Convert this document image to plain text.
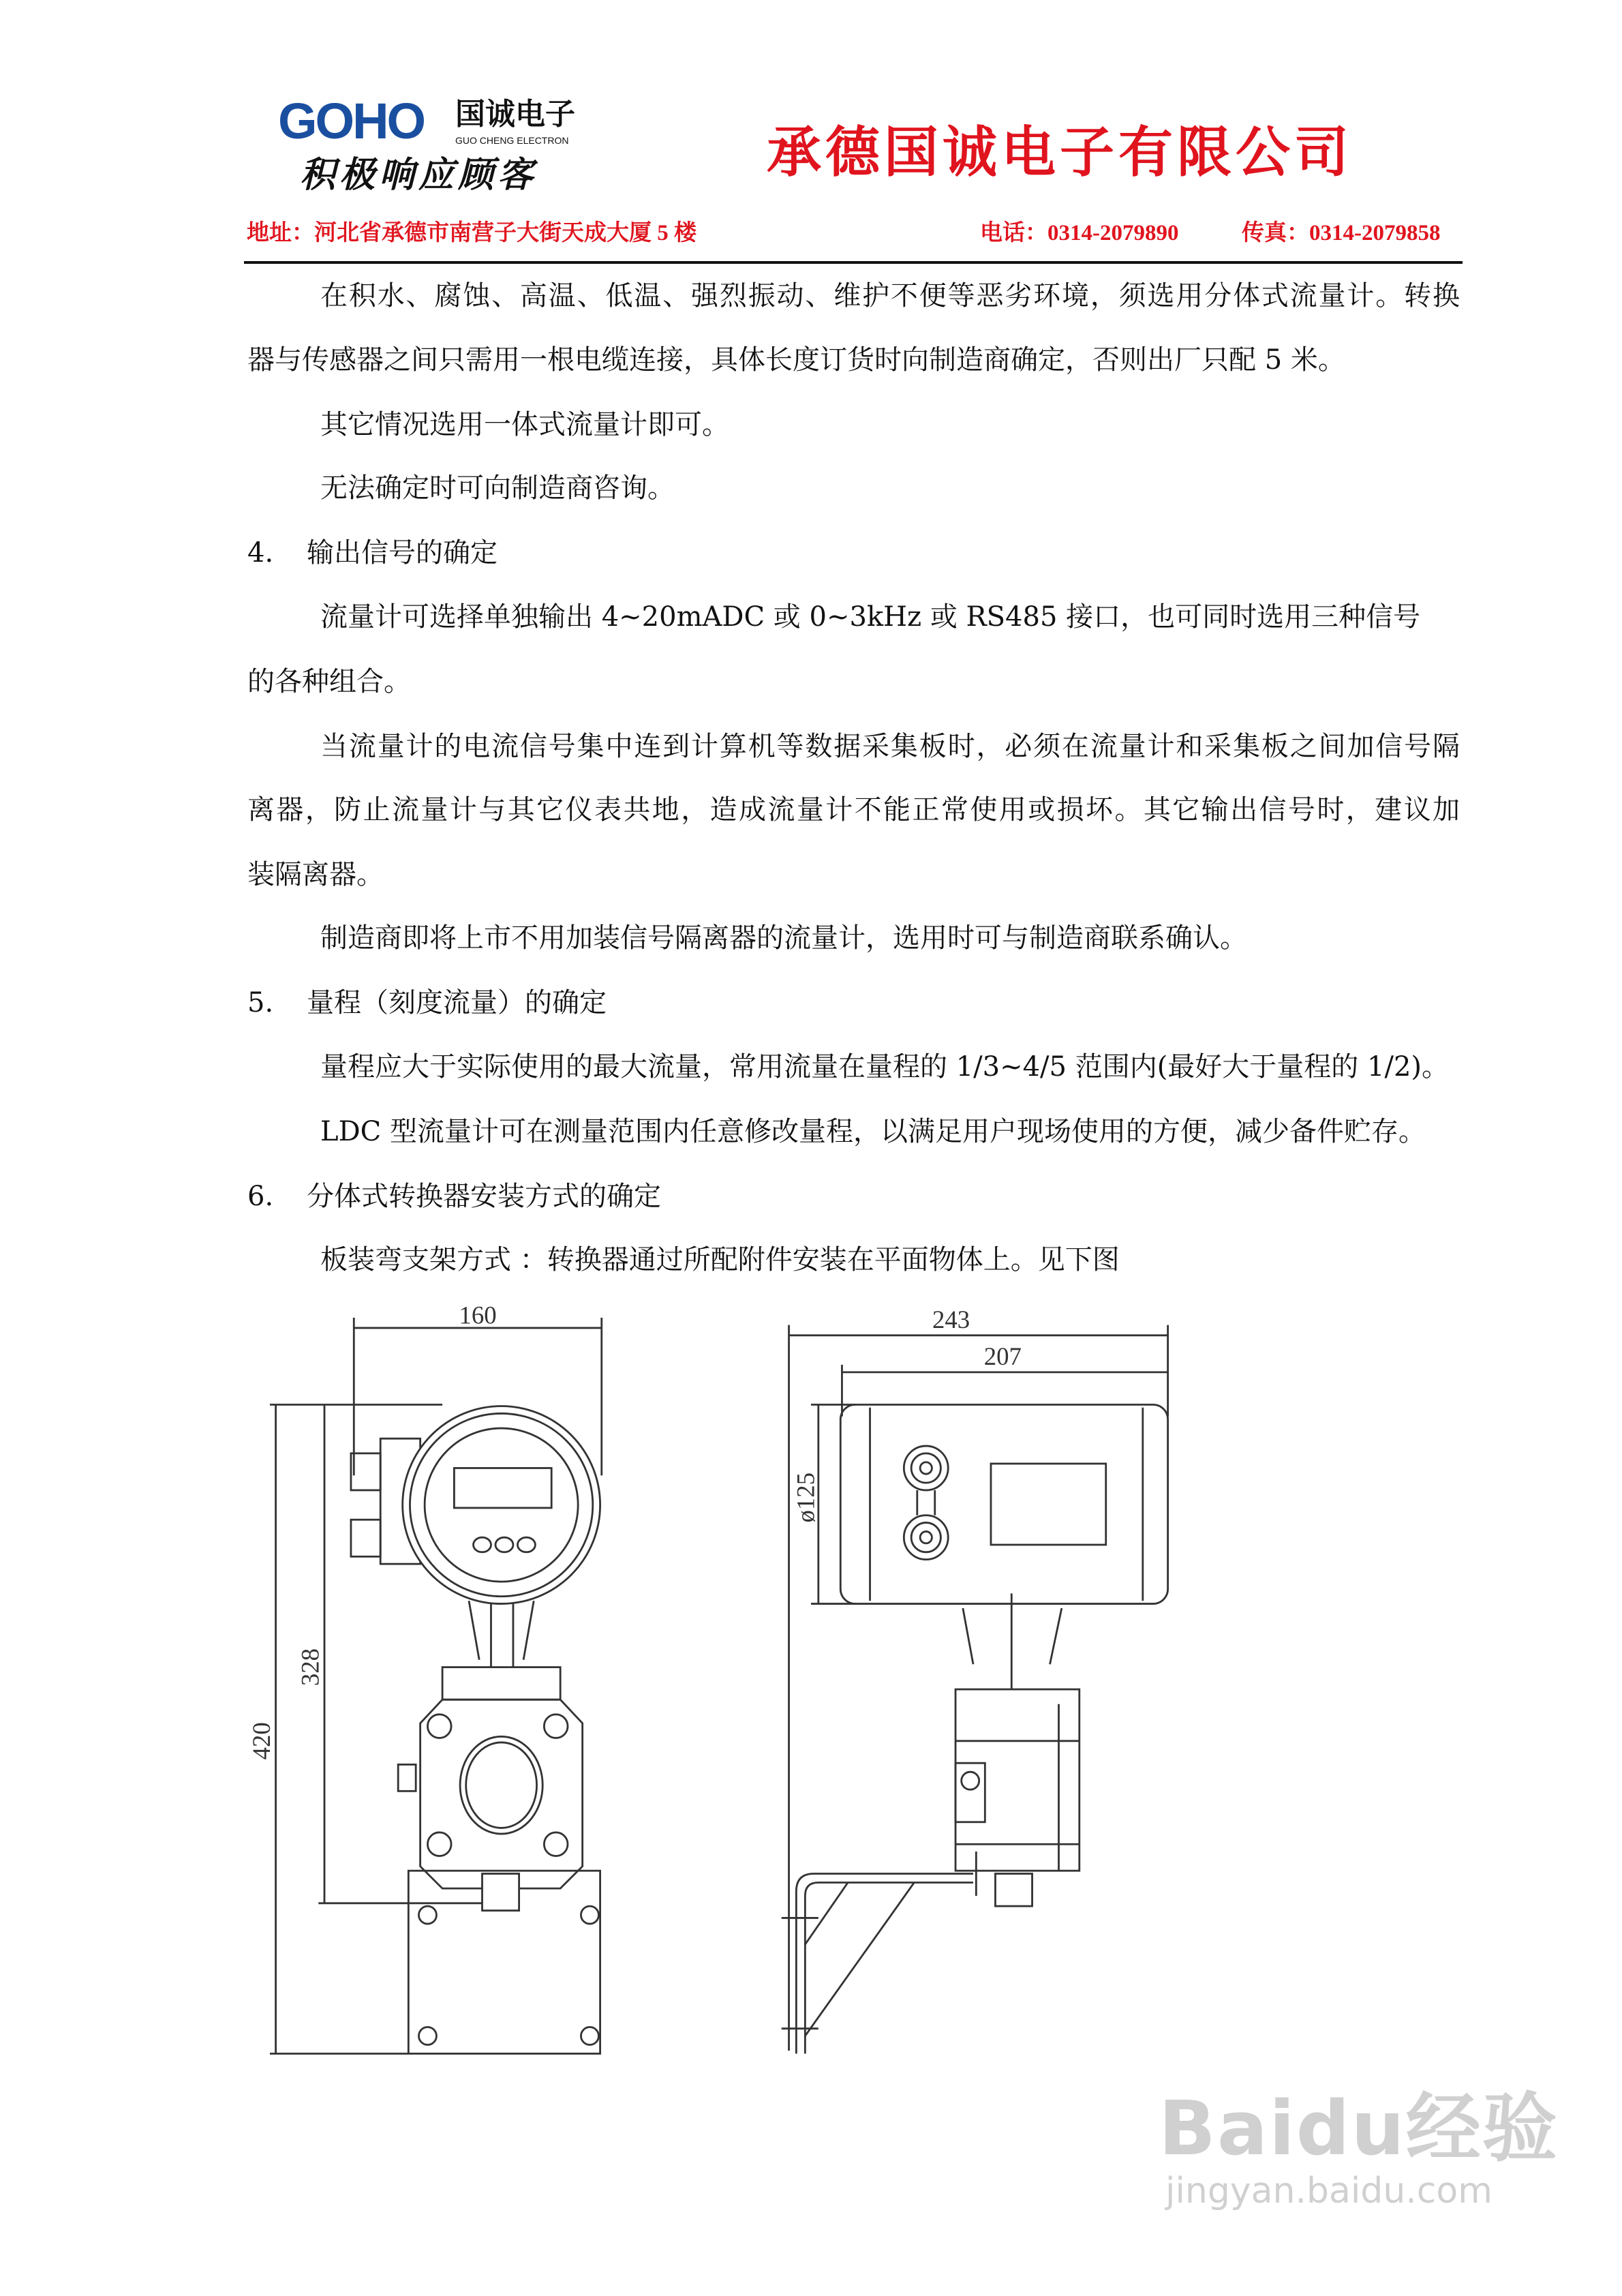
GOHO 国诚电子
GUO CHENG ELECTRON
积极响应顾客	承德国诚电子有限公司
地址：河北省承德市南营子大街天成大厦 5 楼	电话：0314-2079890	传真：0314-2079858
在积水、腐蚀、高温、低温、强烈振动、维护不便等恶劣环境，须选用分体式流量计。转换
器与传感器之间只需用一根电缆连接，具体长度订货时向制造商确定，否则出厂只配 5 米。
其它情况选用一体式流量计即可。
无法确定时可向制造商咨询。
4. 输出信号的确定
流量计可选择单独输出 4~20mADC 或 0~3kHz 或 RS485 接口，也可同时选用三种信号
的各种组合。
当流量计的电流信号集中连到计算机等数据采集板时，必须在流量计和采集板之间加信号隔
离器，防止流量计与其它仪表共地，造成流量计不能正常使用或损坏。其它输出信号时，建议加
装隔离器。
制造商即将上市不用加装信号隔离器的流量计，选用时可与制造商联系确认。
5. 量程（刻度流量）的确定
量程应大于实际使用的最大流量，常用流量在量程的 1/3~4/5 范围内(最好大于量程的 1/2)。
LDC 型流量计可在测量范围内任意修改量程，以满足用户现场使用的方便，减少备件贮存。
6. 分体式转换器安装方式的确定
板装弯支架方式 ：转换器通过所配附件安装在平面物体上。见下图
160
420
328
243
207
ø125
Baidu经验
jingyan.baidu.com
